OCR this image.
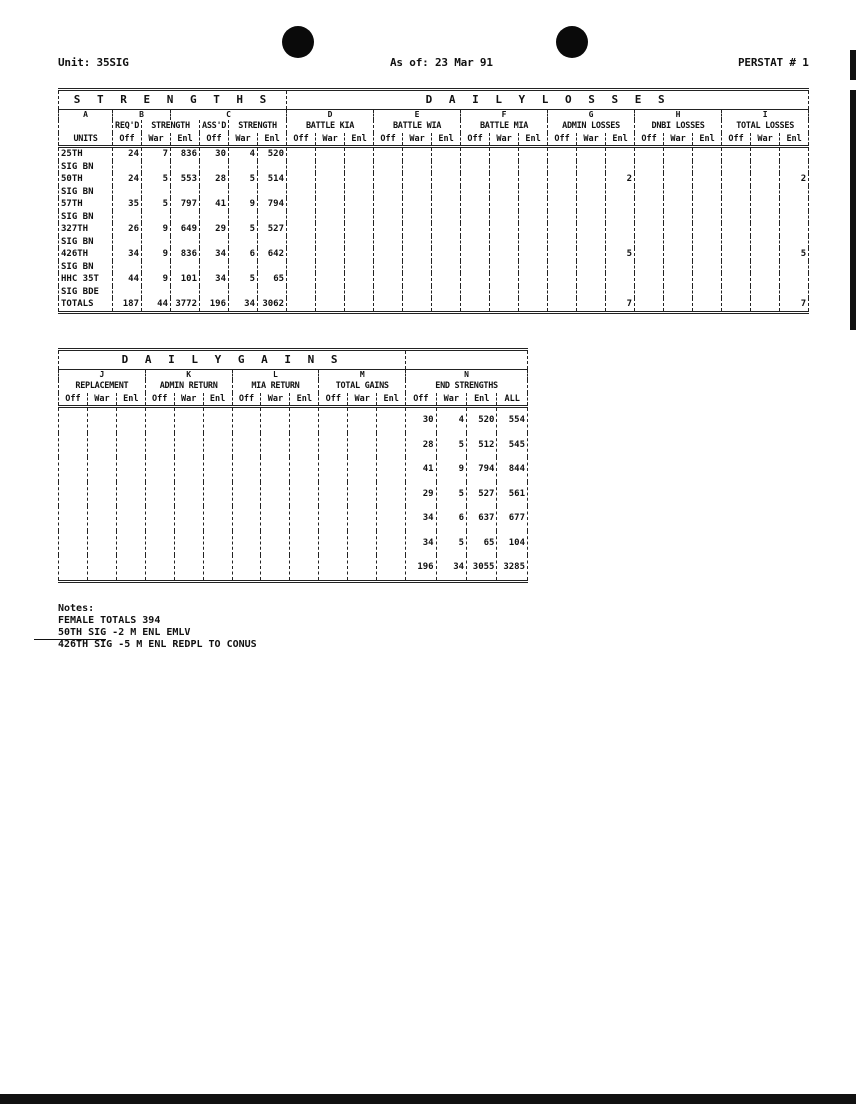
Unit: 35SIG	As of: 23 Mar 91	PERSTAT # 1
S T R E N G T H S							D A I L Y L O S S E S																	
A	B		C				D			E			F			G			H			I		
UNITS	REQ'D	STRENGTH		ASS'D	STRENGTH		BATTLE KIA			BATTLE WIA			BATTLE MIA			ADMIN LOSSES			DNBI LOSSES			TOTAL LOSSES		
	Off	War	Enl	Off	War	Enl	Off	War	Enl	Off	War	Enl	Off	War	Enl	Off	War	Enl	Off	War	Enl	Off	War	Enl
25TH	24	7	836	30	4	520																		
SIG BN																								
50TH	24	5	553	28	5	514												2						2
SIG BN																								
57TH	35	5	797	41	9	794																		
SIG BN																								
327TH	26	9	649	29	5	527																		
SIG BN																								
426TH	34	9	836	34	6	642												5						5
SIG BN																								
HHC 35T	44	9	101	34	5	65																		
SIG BDE																								
TOTALS	187	44	3772	196	34	3062												7						7
D A I L Y G A I N S															
J			K			L			M			N			
REPLACEMENT			ADMIN RETURN			MIA RETURN			TOTAL GAINS			END STRENGTHS			
Off	War	Enl	Off	War	Enl	Off	War	Enl	Off	War	Enl	Off	War	Enl	ALL
												30	4	520	554
												28	5	512	545
												41	9	794	844
												29	5	527	561
												34	6	637	677
												34	5	65	104
												196	34	3055	3285
Notes:
FEMALE TOTALS 394
50TH SIG -2 M ENL EMLV
426TH SIG -5 M ENL REDPL TO CONUS
